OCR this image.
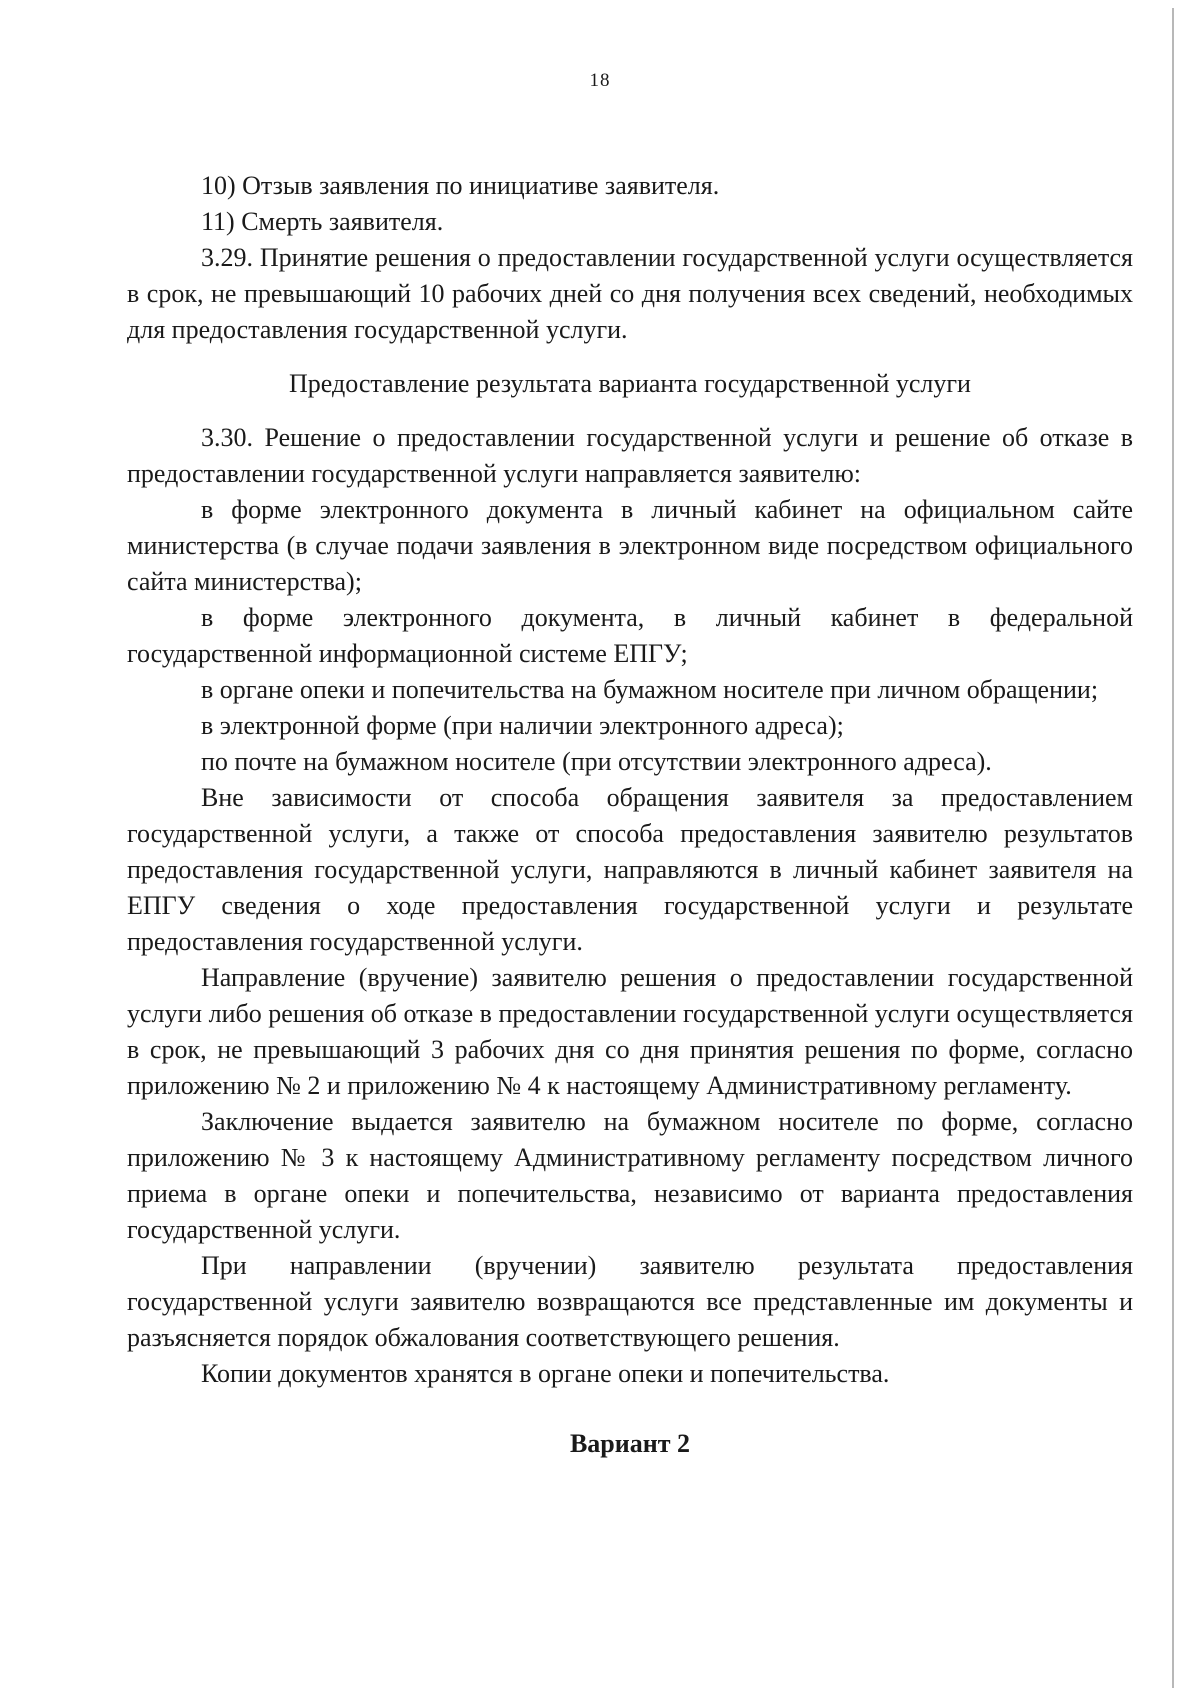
18

10) Отзыв заявления по инициативе заявителя.

11) Смерть заявителя.

3.29. Принятие решения о предоставлении государственной услуги осуществляется в срок, не превышающий 10 рабочих дней со дня получения всех сведений, необходимых для предоставления государственной услуги.

Предоставление результата варианта государственной услуги

3.30. Решение о предоставлении государственной услуги и решение об отказе в предоставлении государственной услуги направляется заявителю:

в форме электронного документа в личный кабинет на официальном сайте министерства (в случае подачи заявления в электронном виде посредством официального сайта министерства);

в форме электронного документа, в личный кабинет в федеральной государственной информационной системе ЕПГУ;

в органе опеки и попечительства на бумажном носителе при личном обращении;

в электронной форме (при наличии электронного адреса);

по почте на бумажном носителе (при отсутствии электронного адреса).

Вне зависимости от способа обращения заявителя за предоставлением государственной услуги, а также от способа предоставления заявителю результатов предоставления государственной услуги, направляются в личный кабинет заявителя на ЕПГУ сведения о ходе предоставления государственной услуги и результате предоставления государственной услуги.

Направление (вручение) заявителю решения о предоставлении государственной услуги либо решения об отказе в предоставлении государственной услуги осуществляется в срок, не превышающий 3 рабочих дня со дня принятия решения по форме, согласно приложению № 2 и приложению № 4 к настоящему Административному регламенту.

Заключение выдается заявителю на бумажном носителе по форме, согласно приложению № 3 к настоящему Административному регламенту посредством личного приема в органе опеки и попечительства, независимо от варианта предоставления государственной услуги.

При направлении (вручении) заявителю результата предоставления государственной услуги заявителю возвращаются все представленные им документы и разъясняется порядок обжалования соответствующего решения.

Копии документов хранятся в органе опеки и попечительства.

Вариант 2
